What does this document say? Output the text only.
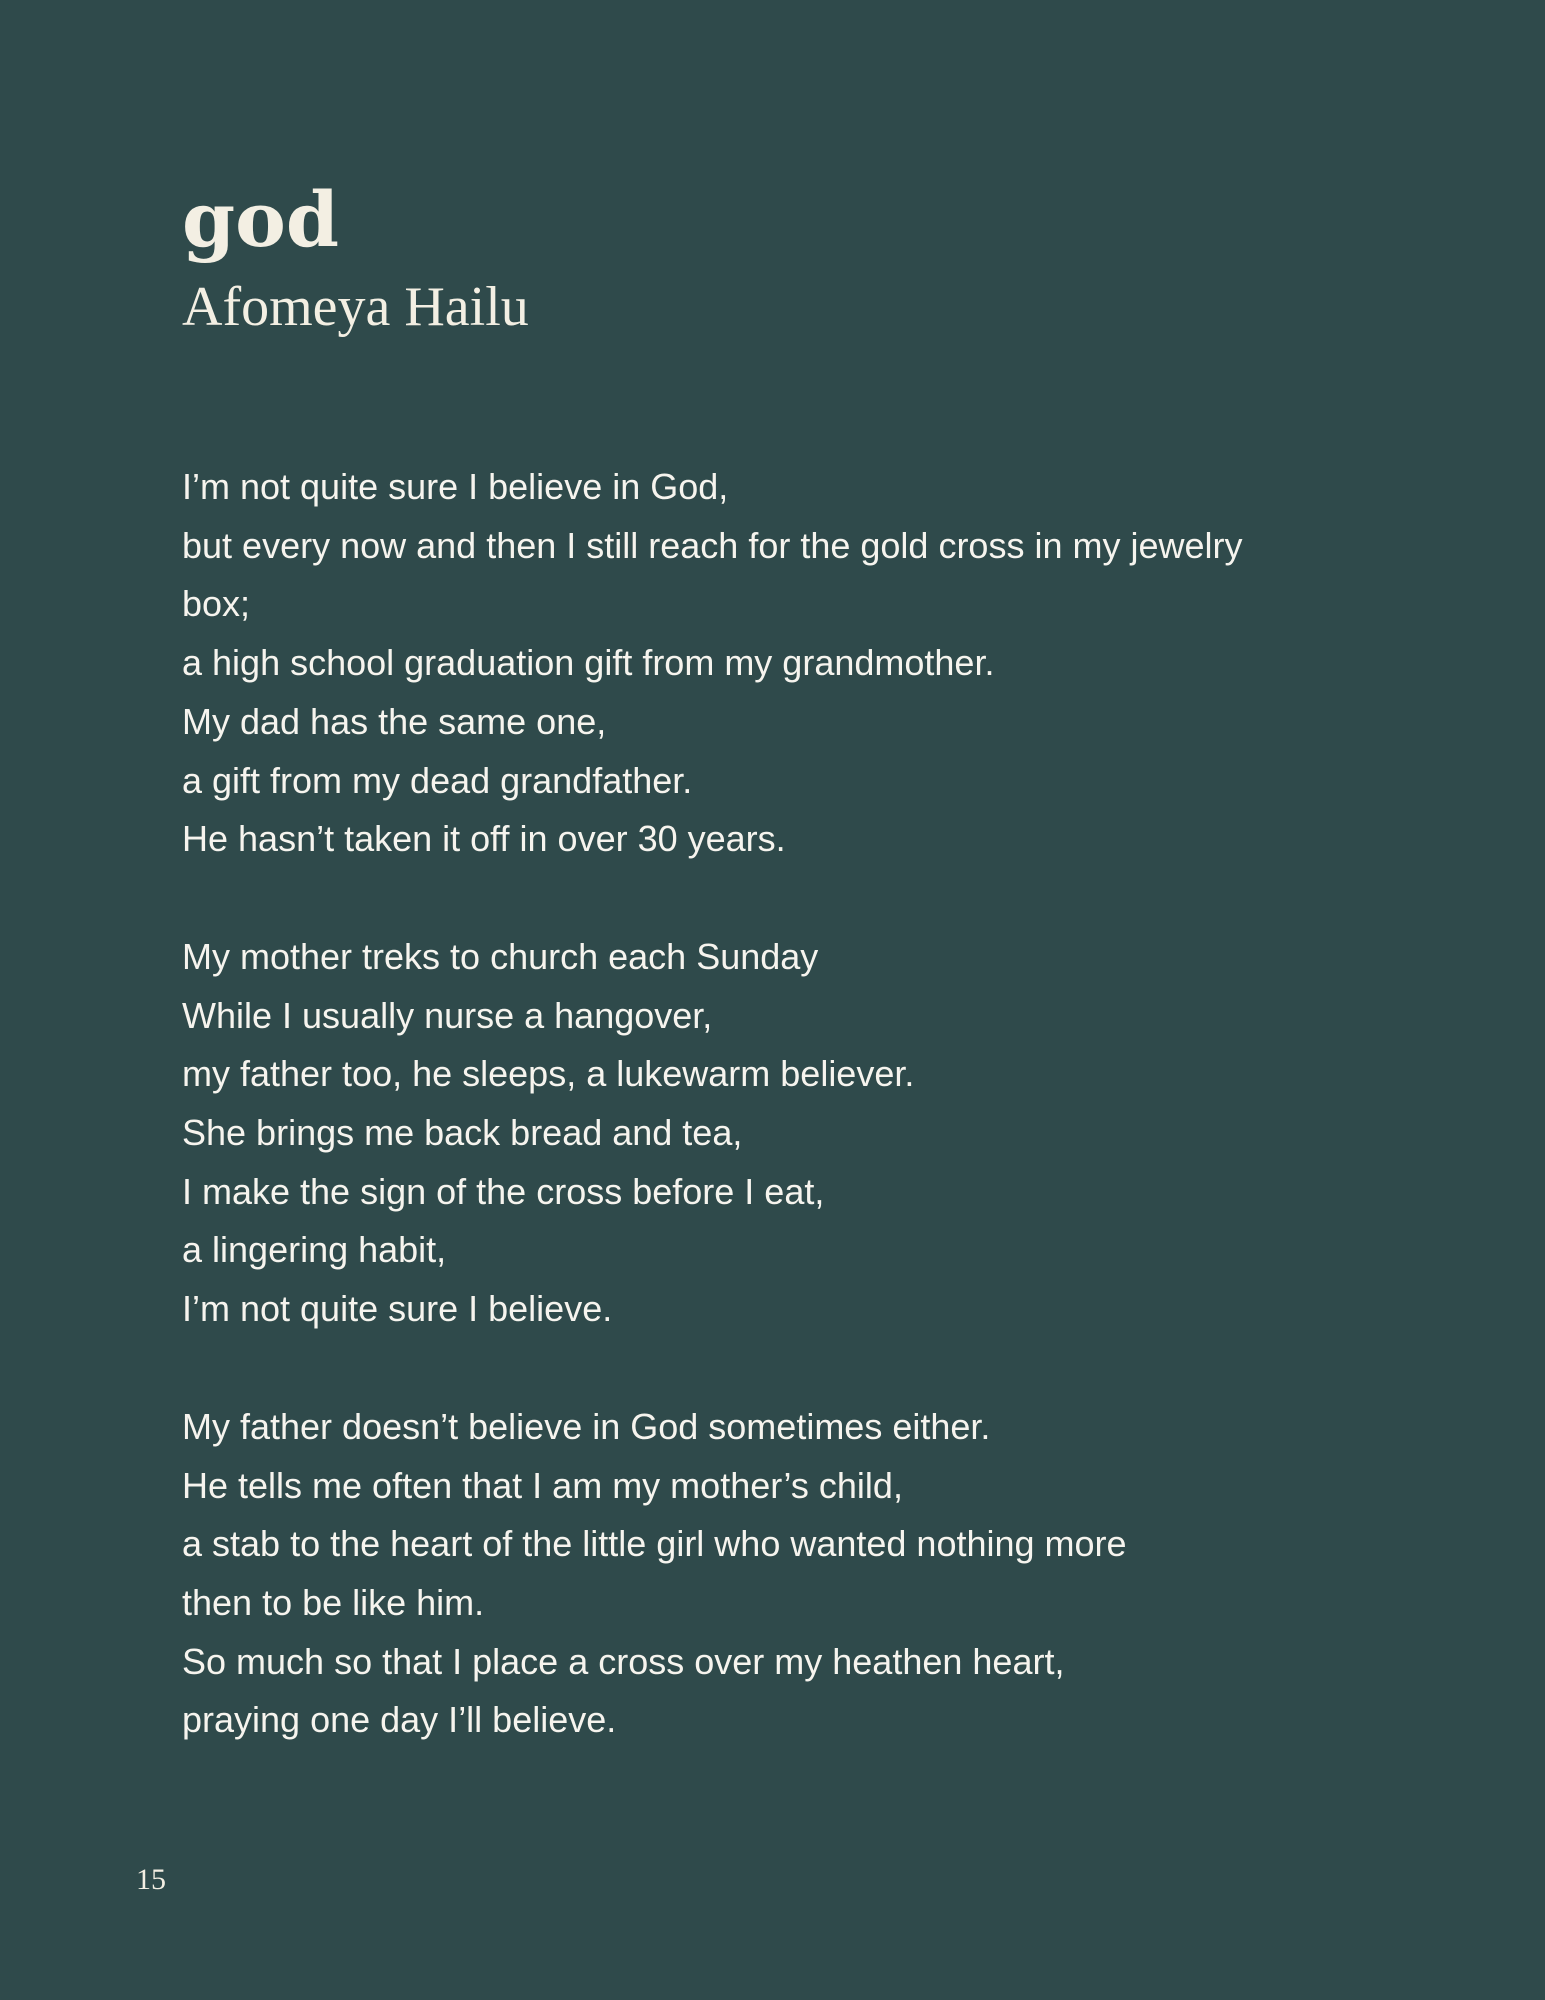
god
Afomeya Hailu
I’m not quite sure I believe in God,
but every now and then I still reach for the gold cross in my jewelry
box;
a high school graduation gift from my grandmother.
My dad has the same one,
a gift from my dead grandfather.
He hasn’t taken it off in over 30 years.
My mother treks to church each Sunday
While I usually nurse a hangover,
my father too, he sleeps, a lukewarm believer.
She brings me back bread and tea,
I make the sign of the cross before I eat,
a lingering habit,
I’m not quite sure I believe.
My father doesn’t believe in God sometimes either.
He tells me often that I am my mother’s child,
a stab to the heart of the little girl who wanted nothing more
then to be like him.
So much so that I place a cross over my heathen heart,
praying one day I’ll believe.
15
